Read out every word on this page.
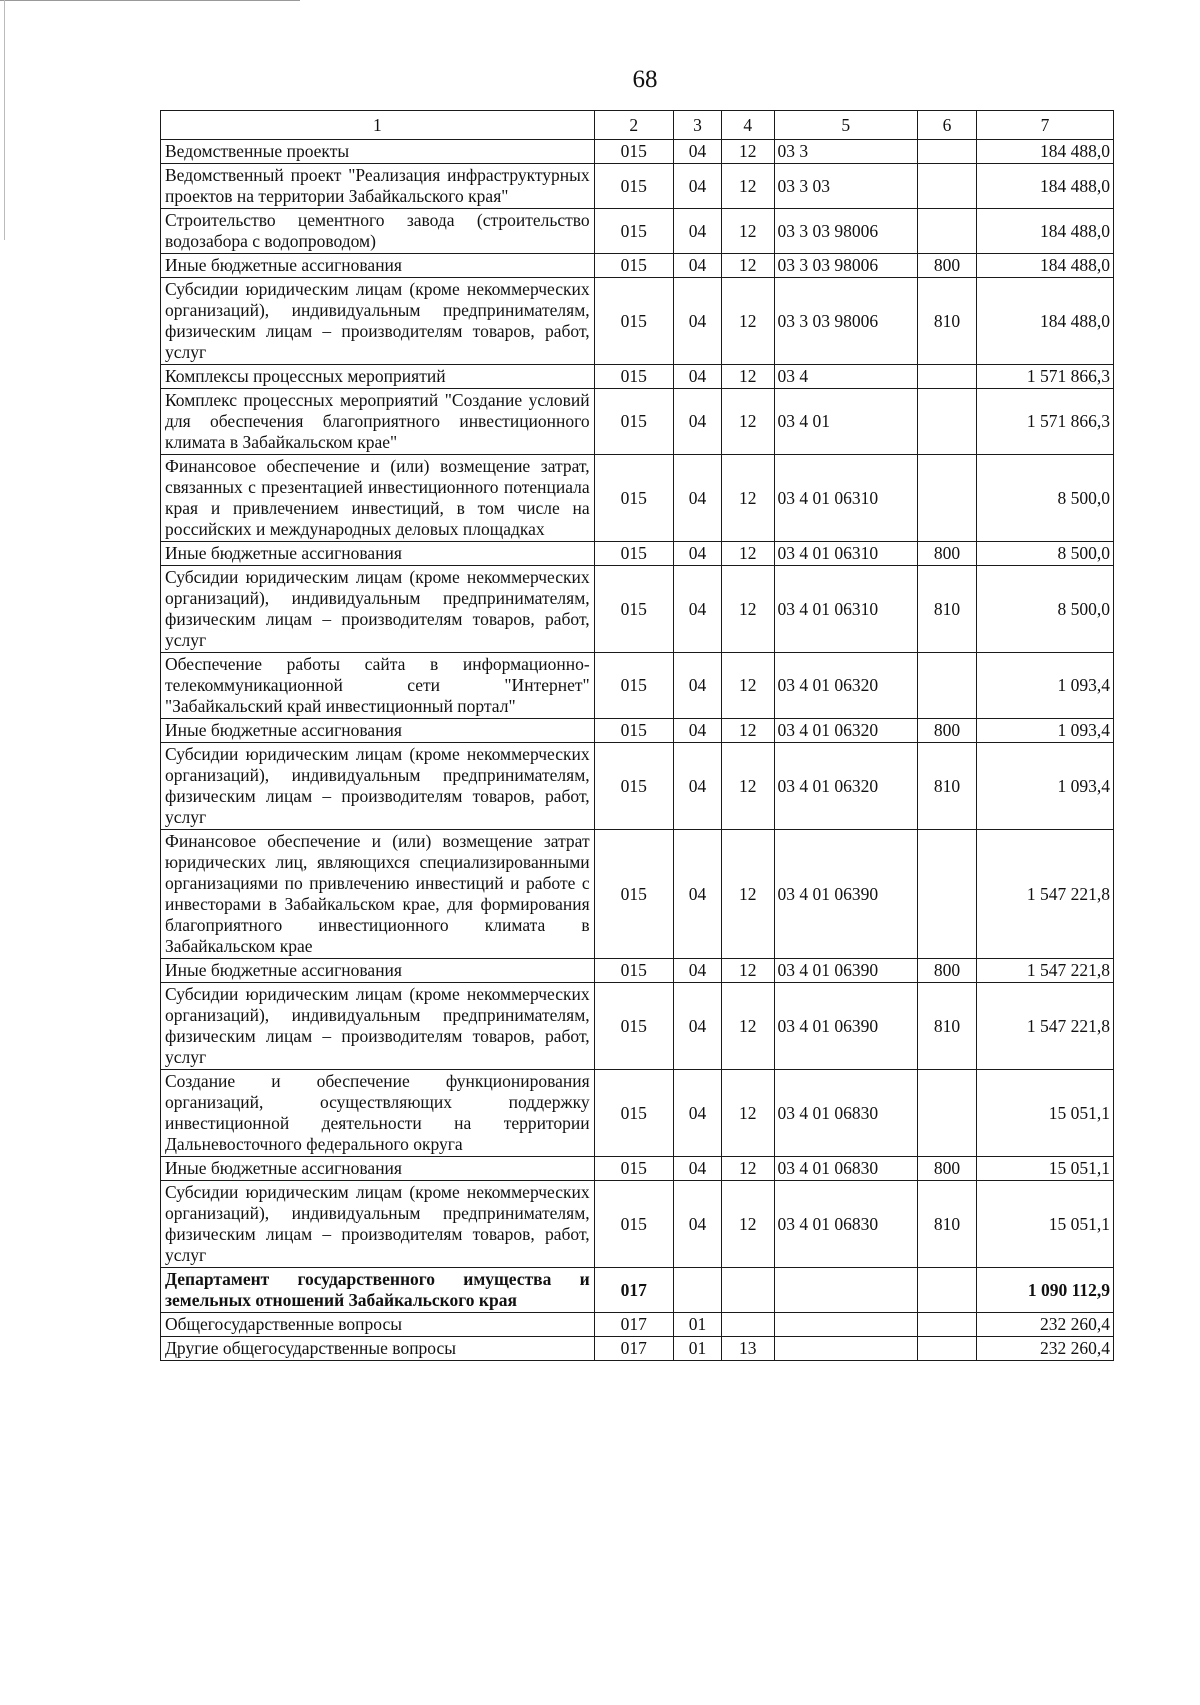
68
1	2	3	4	5	6	7
Ведомственные проекты	015	04	12	03 3		184 488,0
Ведомственный проект "Реализация инфраструктурных проектов на территории Забайкальского края"	015	04	12	03 3 03		184 488,0
Строительство цементного завода (строительство водозабора с водопроводом)	015	04	12	03 3 03 98006		184 488,0
Иные бюджетные ассигнования	015	04	12	03 3 03 98006	800	184 488,0
Субсидии юридическим лицам (кроме некоммерческих организаций), индивидуальным предпринимателям, физическим лицам – производителям товаров, работ, услуг	015	04	12	03 3 03 98006	810	184 488,0
Комплексы процессных мероприятий	015	04	12	03 4		1 571 866,3
Комплекс процессных мероприятий "Создание условий для обеспечения благоприятного инвестиционного климата в Забайкальском крае"	015	04	12	03 4 01		1 571 866,3
Финансовое обеспечение и (или) возмещение затрат, связанных с презентацией инвестиционного потенциала края и привлечением инвестиций, в том числе на российских и международных деловых площадках	015	04	12	03 4 01 06310		8 500,0
Иные бюджетные ассигнования	015	04	12	03 4 01 06310	800	8 500,0
Субсидии юридическим лицам (кроме некоммерческих организаций), индивидуальным предпринимателям, физическим лицам – производителям товаров, работ, услуг	015	04	12	03 4 01 06310	810	8 500,0
Обеспечение работы сайта в информационно-телекоммуникационной сети "Интернет" "Забайкальский край инвестиционный портал"	015	04	12	03 4 01 06320		1 093,4
Иные бюджетные ассигнования	015	04	12	03 4 01 06320	800	1 093,4
Субсидии юридическим лицам (кроме некоммерческих организаций), индивидуальным предпринимателям, физическим лицам – производителям товаров, работ, услуг	015	04	12	03 4 01 06320	810	1 093,4
Финансовое обеспечение и (или) возмещение затрат юридических лиц, являющихся специализированными организациями по привлечению инвестиций и работе с инвесторами в Забайкальском крае, для формирования благоприятного инвестиционного климата в Забайкальском крае	015	04	12	03 4 01 06390		1 547 221,8
Иные бюджетные ассигнования	015	04	12	03 4 01 06390	800	1 547 221,8
Субсидии юридическим лицам (кроме некоммерческих организаций), индивидуальным предпринимателям, физическим лицам – производителям товаров, работ, услуг	015	04	12	03 4 01 06390	810	1 547 221,8
Создание и обеспечение функционирования организаций, осуществляющих поддержку инвестиционной деятельности на территории Дальневосточного федерального округа	015	04	12	03 4 01 06830		15 051,1
Иные бюджетные ассигнования	015	04	12	03 4 01 06830	800	15 051,1
Субсидии юридическим лицам (кроме некоммерческих организаций), индивидуальным предпринимателям, физическим лицам – производителям товаров, работ, услуг	015	04	12	03 4 01 06830	810	15 051,1
Департамент государственного имущества и земельных отношений Забайкальского края	017					1 090 112,9
Общегосударственные вопросы	017	01				232 260,4
Другие общегосударственные вопросы	017	01	13			232 260,4
